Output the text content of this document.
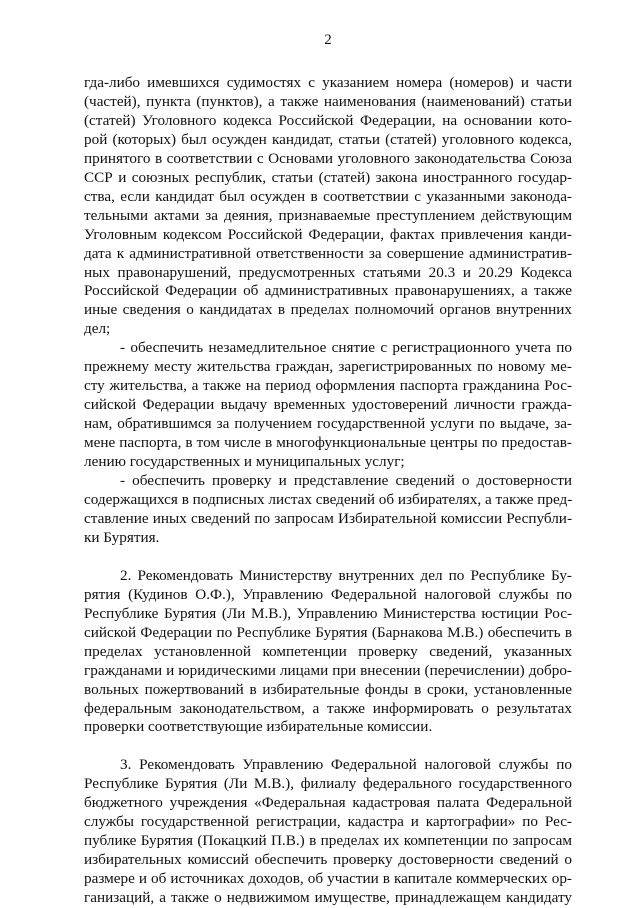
2
гда-либо имевшихся судимостях с указанием номера (номеров) и части
(частей), пункта (пунктов), а также наименования (наименований) статьи
(статей) Уголовного кодекса Российской Федерации, на основании кото-
рой (которых) был осужден кандидат, статьи (статей) уголовного кодекса,
принятого в соответствии с Основами уголовного законодательства Союза
ССР и союзных республик, статьи (статей) закона иностранного государ-
ства, если кандидат был осужден в соответствии с указанными законода-
тельными актами за деяния, признаваемые преступлением действующим
Уголовным кодексом Российской Федерации, фактах привлечения канди-
дата к административной ответственности за совершение административ-
ных правонарушений, предусмотренных статьями 20.3 и 20.29 Кодекса
Российской Федерации об административных правонарушениях, а также
иные сведения о кандидатах в пределах полномочий органов внутренних
дел;
- обеспечить незамедлительное снятие с регистрационного учета по
прежнему месту жительства граждан, зарегистрированных по новому ме-
сту жительства, а также на период оформления паспорта гражданина Рос-
сийской Федерации выдачу временных удостоверений личности гражда-
нам, обратившимся за получением государственной услуги по выдаче, за-
мене паспорта, в том числе в многофункциональные центры по предостав-
лению государственных и муниципальных услуг;
- обеспечить проверку и представление сведений о достоверности
содержащихся в подписных листах сведений об избирателях, а также пред-
ставление иных сведений по запросам Избирательной комиссии Республи-
ки Бурятия.
2. Рекомендовать Министерству внутренних дел по Республике Бу-
рятия (Кудинов О.Ф.), Управлению Федеральной налоговой службы по
Республике Бурятия (Ли М.В.), Управлению Министерства юстиции Рос-
сийской Федерации по Республике Бурятия (Барнакова М.В.) обеспечить в
пределах установленной компетенции проверку сведений, указанных
гражданами и юридическими лицами при внесении (перечислении) добро-
вольных пожертвований в избирательные фонды в сроки, установленные
федеральным законодательством, а также информировать о результатах
проверки соответствующие избирательные комиссии.
3. Рекомендовать Управлению Федеральной налоговой службы по
Республике Бурятия (Ли М.В.), филиалу федерального государственного
бюджетного учреждения «Федеральная кадастровая палата Федеральной
службы государственной регистрации, кадастра и картографии» по Рес-
публике Бурятия (Покацкий П.В.) в пределах их компетенции по запросам
избирательных комиссий обеспечить проверку достоверности сведений о
размере и об источниках доходов, об участии в капитале коммерческих ор-
ганизаций, а также о недвижимом имуществе, принадлежащем кандидату
